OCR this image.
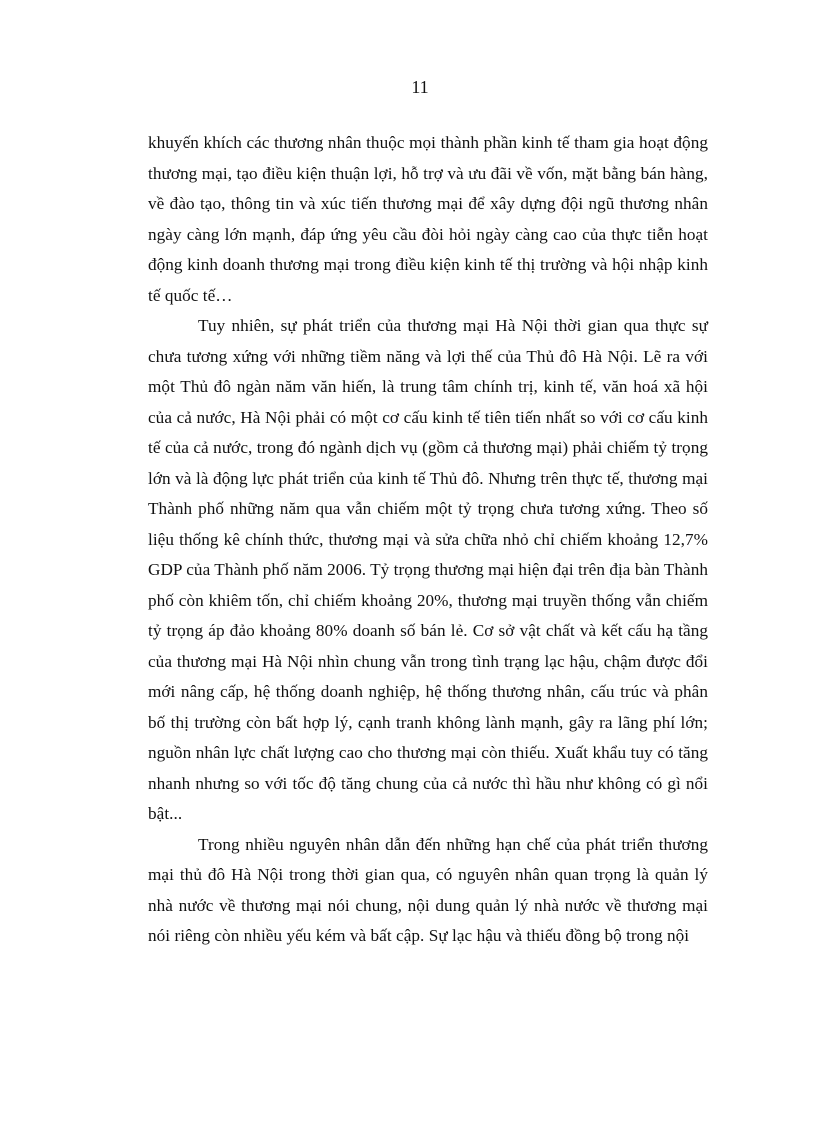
11

khuyến khích các thương nhân thuộc mọi thành phần kinh tế tham gia hoạt động thương mại, tạo điều kiện thuận lợi, hỗ trợ và ưu đãi về vốn, mặt bằng bán hàng, về đào tạo, thông tin và xúc tiến thương mại để xây dựng đội ngũ thương nhân ngày càng lớn mạnh, đáp ứng yêu cầu đòi hỏi ngày càng cao của thực tiễn hoạt động kinh doanh thương mại trong điều kiện kinh tế thị trường và hội nhập kinh tế quốc tế…

Tuy nhiên, sự phát triển của thương mại Hà Nội thời gian qua thực sự chưa tương xứng với những tiềm năng và lợi thế của Thủ đô Hà Nội. Lẽ ra với một Thủ đô ngàn năm văn hiến, là trung tâm chính trị, kinh tế, văn hoá xã hội của cả nước, Hà Nội phải có một cơ cấu kinh tế tiên tiến nhất so với cơ cấu kinh tế của cả nước, trong đó ngành dịch vụ (gồm cả thương mại) phải chiếm tỷ trọng lớn và là động lực phát triển của kinh tế Thủ đô. Nhưng trên thực tế, thương mại Thành phố những năm qua vẫn chiếm một tỷ trọng chưa tương xứng. Theo số liệu thống kê chính thức, thương mại và sửa chữa nhỏ chỉ chiếm khoảng 12,7% GDP của Thành phố năm 2006. Tỷ trọng thương mại hiện đại trên địa bàn Thành phố còn khiêm tốn, chỉ chiếm khoảng 20%, thương mại truyền thống vẫn chiếm tỷ trọng áp đảo khoảng 80% doanh số bán lẻ. Cơ sở vật chất và kết cấu hạ tầng của thương mại Hà Nội nhìn chung vẫn trong tình trạng lạc hậu, chậm được đổi mới nâng cấp, hệ thống doanh nghiệp, hệ thống thương nhân, cấu trúc và phân bố thị trường còn bất hợp lý, cạnh tranh không lành mạnh, gây ra lãng phí lớn; nguồn nhân lực chất lượng cao cho thương mại còn thiếu. Xuất khẩu tuy có tăng nhanh nhưng so với tốc độ tăng chung của cả nước thì hầu như không có gì nổi bật...

Trong nhiều nguyên nhân dẫn đến những hạn chế của phát triển thương mại thủ đô Hà Nội trong thời gian qua, có nguyên nhân quan trọng là quản lý nhà nước về thương mại nói chung, nội dung quản lý nhà nước về thương mại nói riêng còn nhiều yếu kém và bất cập. Sự lạc hậu và thiếu đồng bộ trong nội
